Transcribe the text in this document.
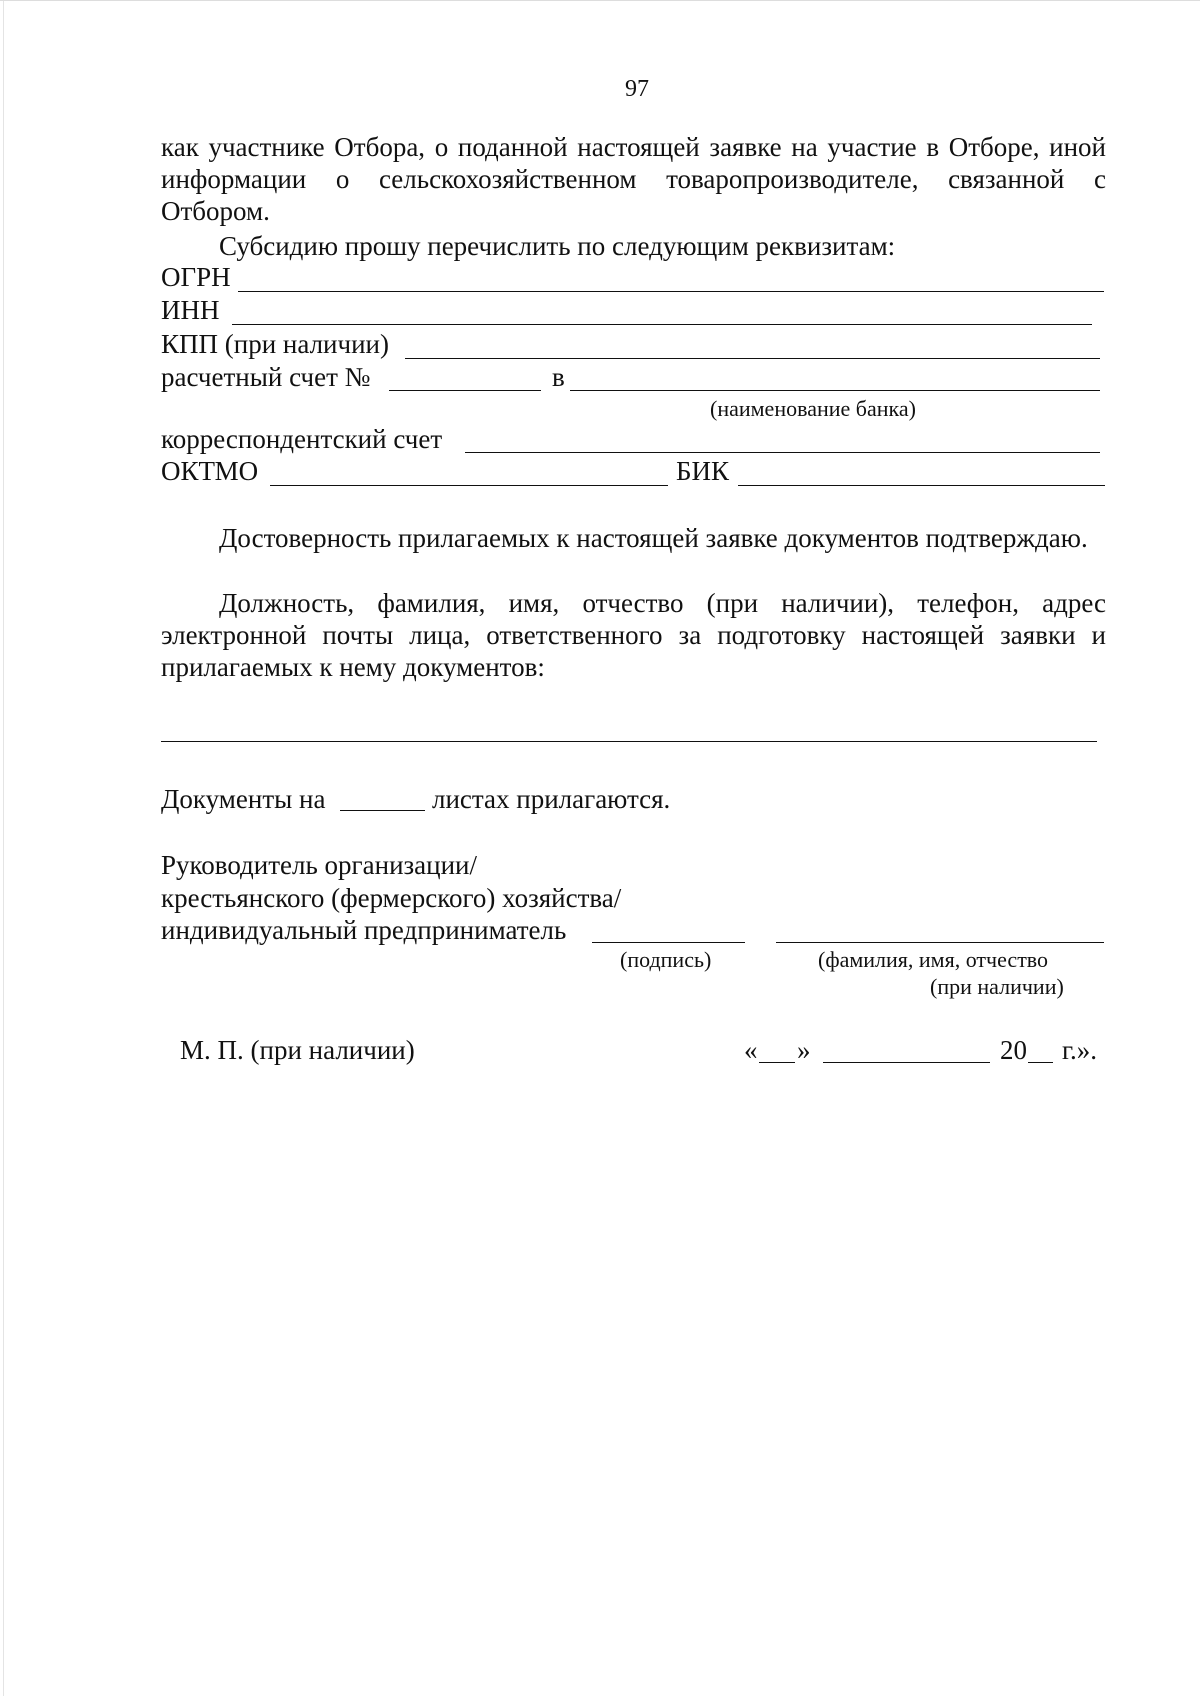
97
как участнике Отбора, о поданной настоящей заявке на участие в Отборе, иной информации о сельскохозяйственном товаропроизводителе, связанной с Отбором.
Субсидию прошу перечислить по следующим реквизитам:
ОГРН
ИНН
КПП (при наличии)
расчетный счет №	в
(наименование банка)
корреспондентский счет
ОКТМО	БИК
Достоверность прилагаемых к настоящей заявке документов подтверждаю.
Должность, фамилия, имя, отчество (при наличии), телефон, адрес электронной почты лица, ответственного за подготовку настоящей заявки и прилагаемых к нему документов:
Документы на	листах прилагаются.
Руководитель организации/
крестьянского (фермерского) хозяйства/
индивидуальный предприниматель
(подпись)	(фамилия, имя, отчество
(при наличии)
М. П. (при наличии)	« »	20 г.».
